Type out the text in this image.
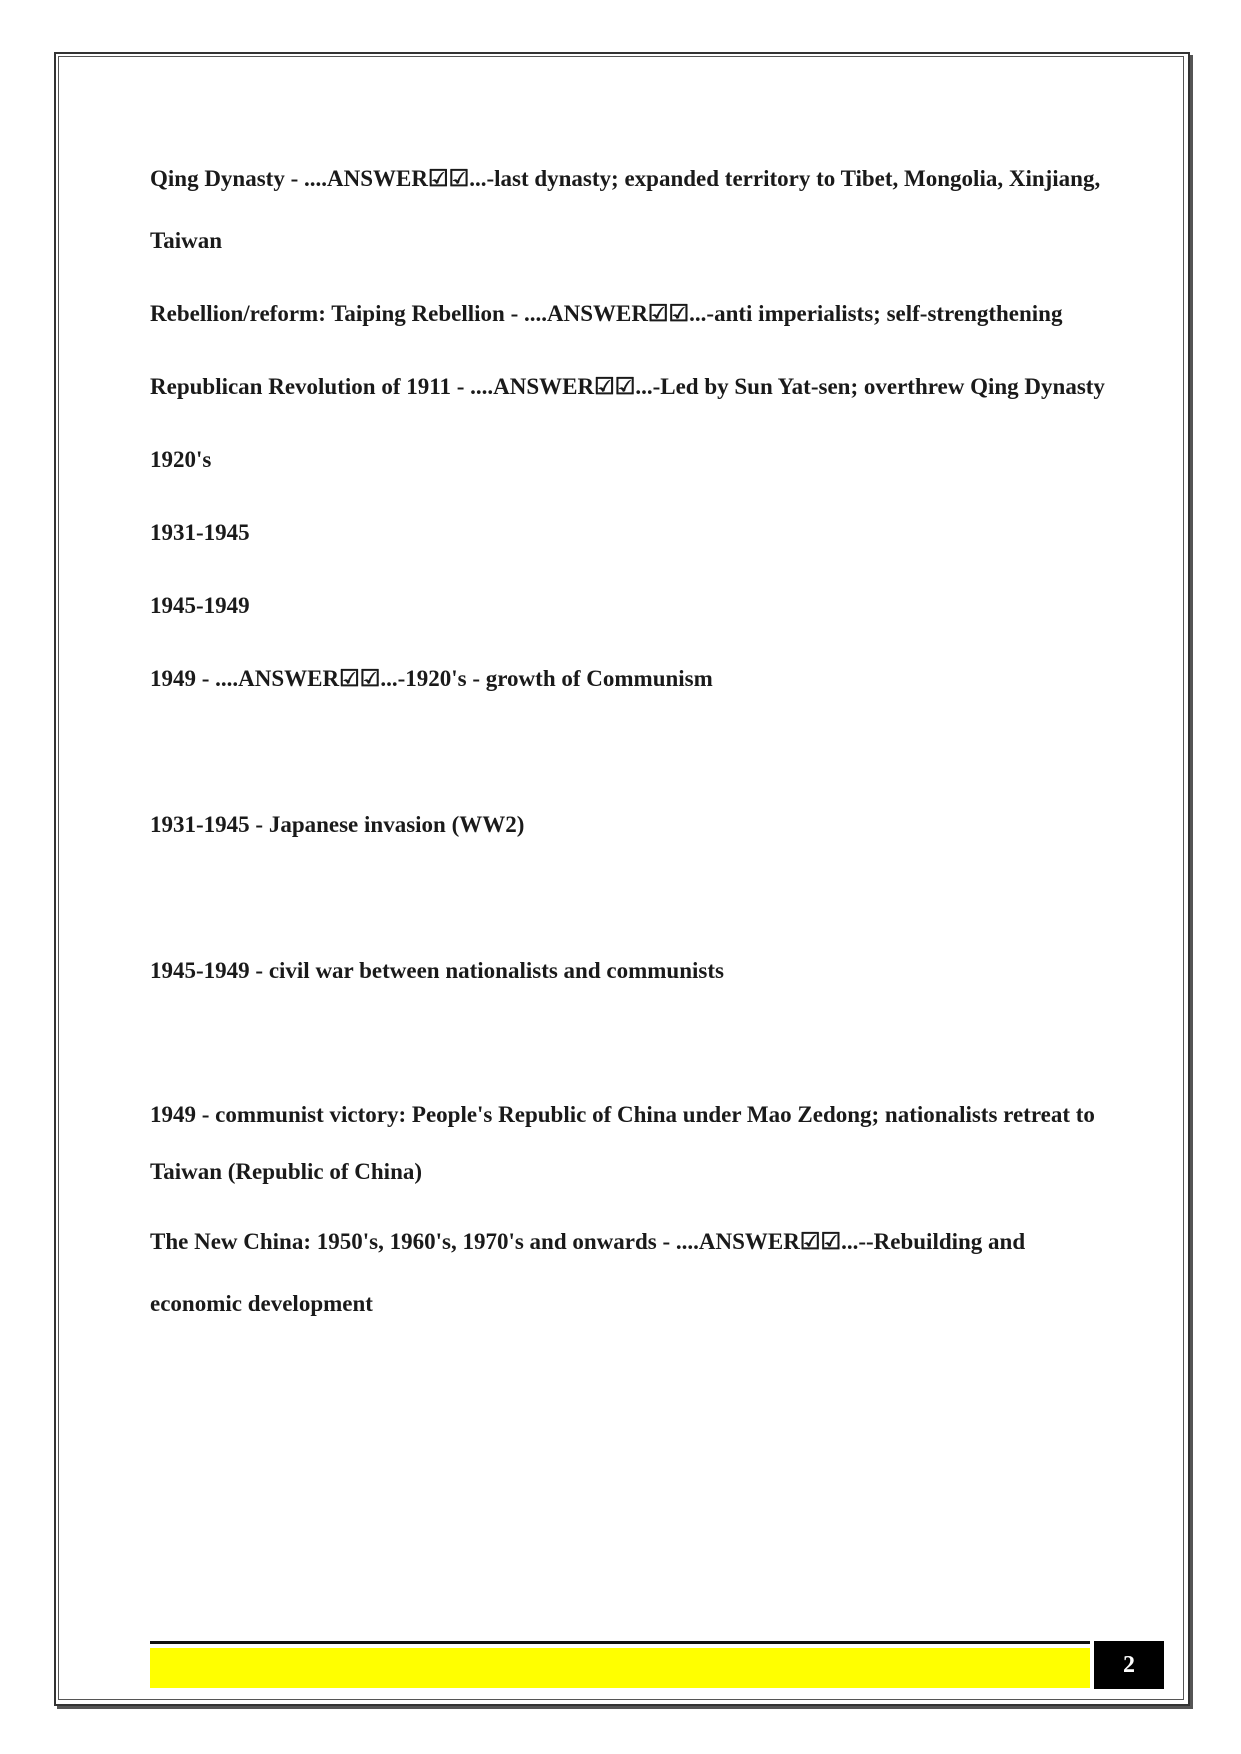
Qing Dynasty - ....ANSWER☑☑...-last dynasty; expanded territory to Tibet, Mongolia, Xinjiang, Taiwan

Rebellion/reform: Taiping Rebellion - ....ANSWER☑☑...-anti imperialists; self-strengthening

Republican Revolution of 1911 - ....ANSWER☑☑...-Led by Sun Yat-sen; overthrew Qing Dynasty

1920's

1931-1945

1945-1949

1949 - ....ANSWER☑☑...-1920's - growth of Communism

1931-1945 - Japanese invasion (WW2)

1945-1949 - civil war between nationalists and communists

1949 - communist victory: People's Republic of China under Mao Zedong; nationalists retreat to Taiwan (Republic of China)

The New China: 1950's, 1960's, 1970's and onwards - ....ANSWER☑☑...--Rebuilding and economic development

2
